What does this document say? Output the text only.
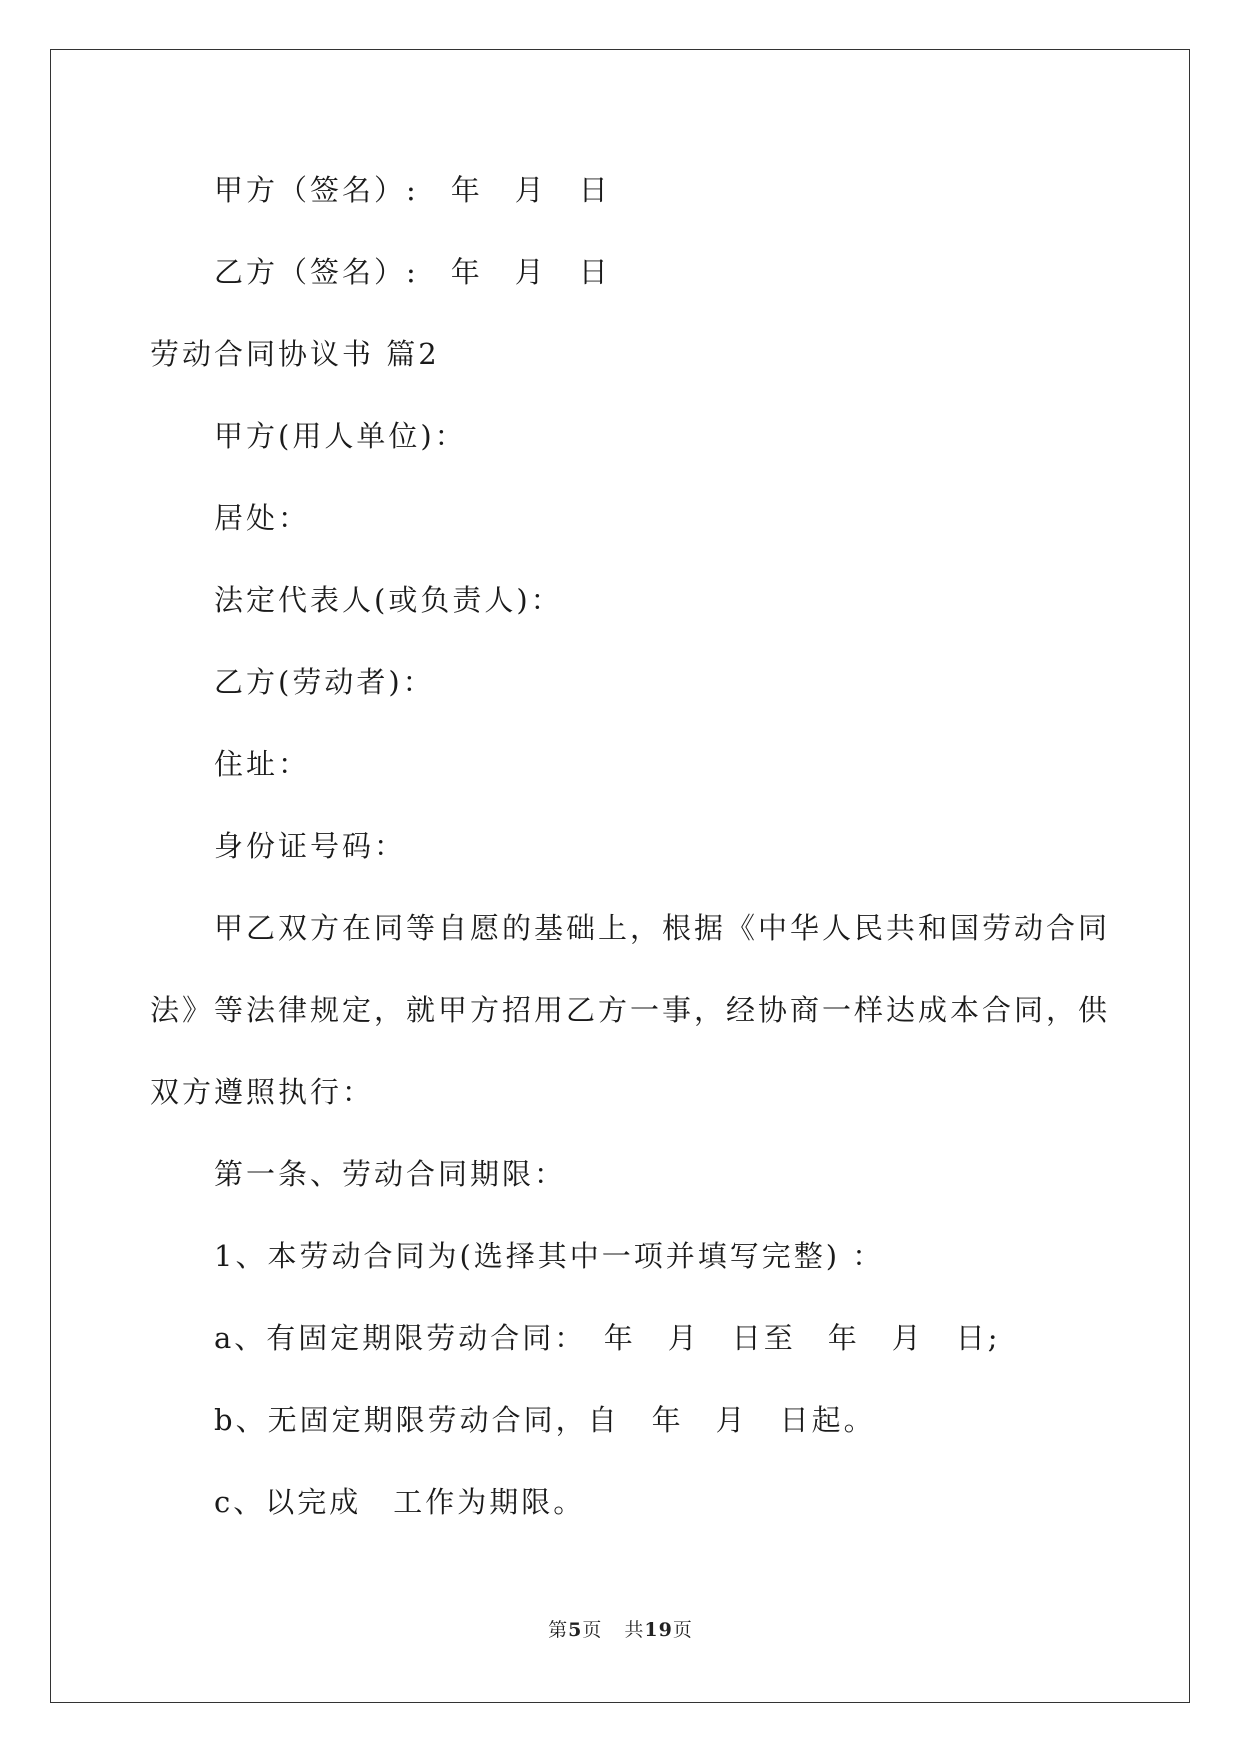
甲方（签名）:　年　月　日
乙方（签名）:　年　月　日
劳动合同协议书 篇2
甲方(用人单位)：
居处：
法定代表人(或负责人)：
乙方(劳动者)：
住址：
身份证号码：
甲乙双方在同等自愿的基础上，根据《中华人民共和国劳动合同
法》等法律规定，就甲方招用乙方一事，经协商一样达成本合同，供
双方遵照执行：
第一条、劳动合同期限：
1、本劳动合同为(选择其中一项并填写完整) ：
a、有固定期限劳动合同：　年　月　日至　年　月　日;
b、无固定期限劳动合同，自　年　月　日起。
c、以完成　工作为期限。
第5页 共19页
